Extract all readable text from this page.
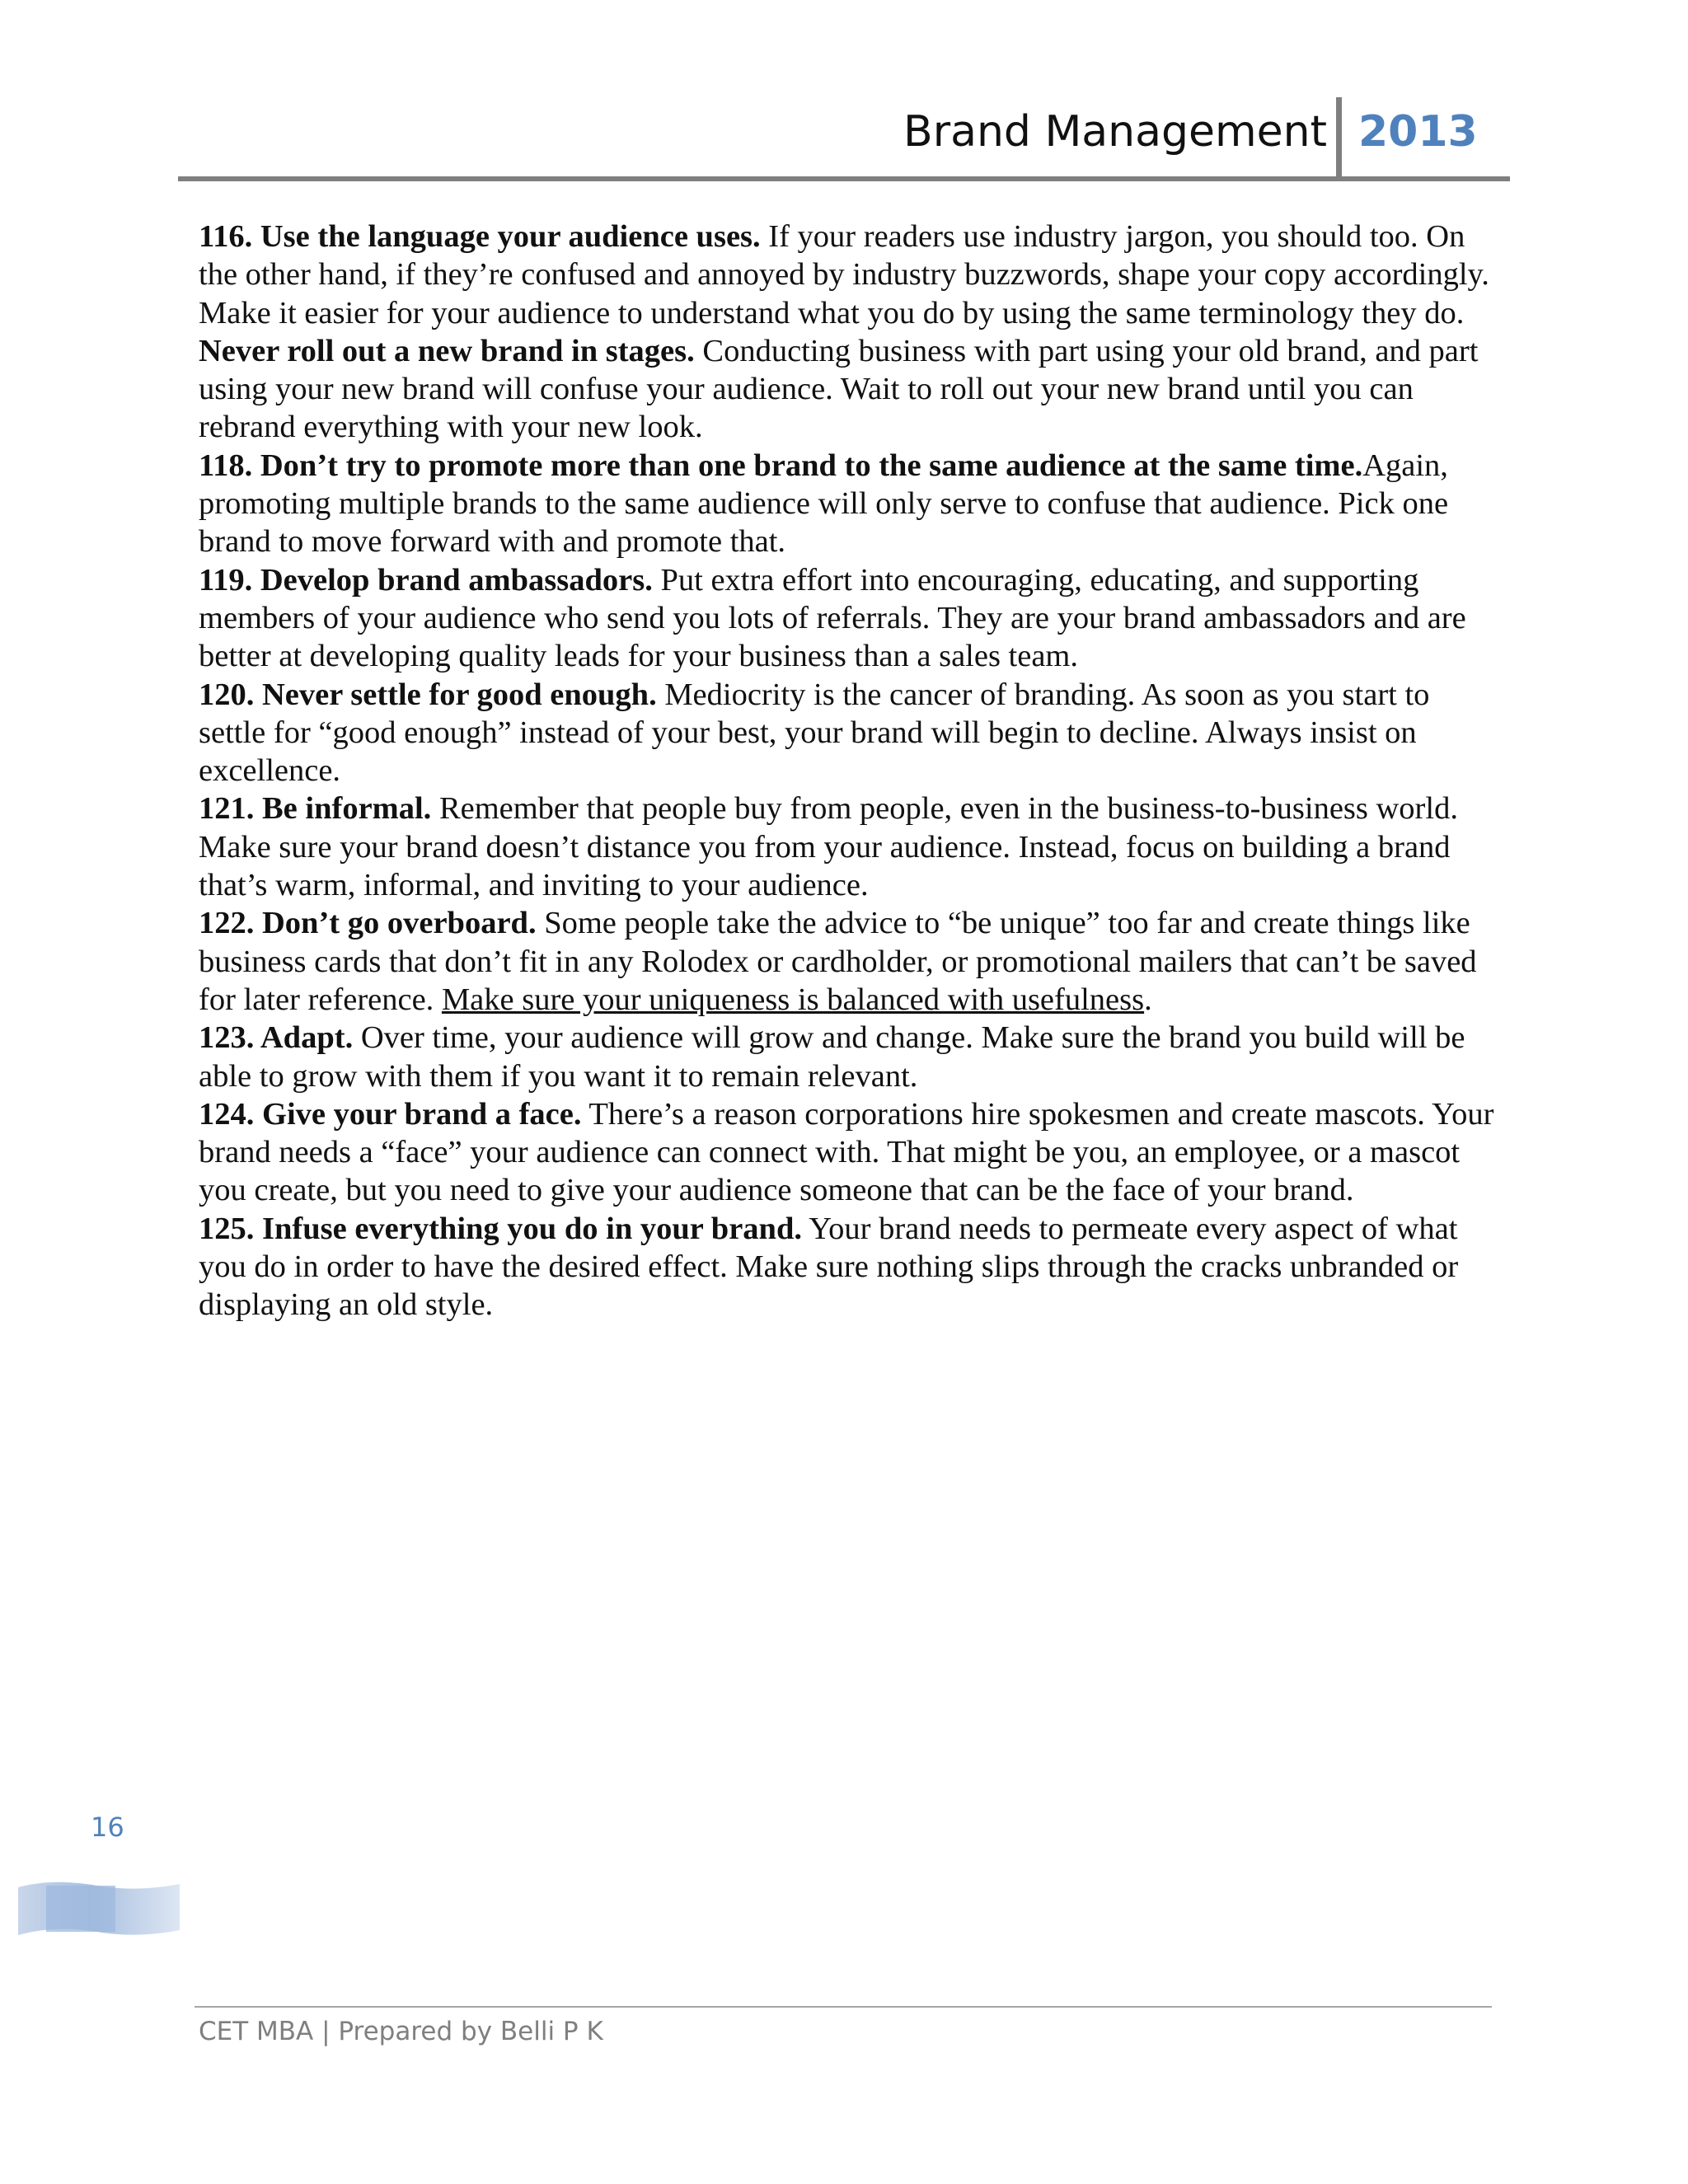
Brand Management 2013

116. Use the language your audience uses. If your readers use industry jargon, you should too. On the other hand, if they’re confused and annoyed by industry buzzwords, shape your copy accordingly. Make it easier for your audience to understand what you do by using the same terminology they do.

Never roll out a new brand in stages. Conducting business with part using your old brand, and part using your new brand will confuse your audience. Wait to roll out your new brand until you can rebrand everything with your new look.

118. Don’t try to promote more than one brand to the same audience at the same time.Again, promoting multiple brands to the same audience will only serve to confuse that audience. Pick one brand to move forward with and promote that.

119. Develop brand ambassadors. Put extra effort into encouraging, educating, and supporting members of your audience who send you lots of referrals. They are your brand ambassadors and are better at developing quality leads for your business than a sales team.

120. Never settle for good enough. Mediocrity is the cancer of branding. As soon as you start to settle for “good enough” instead of your best, your brand will begin to decline. Always insist on excellence.

121. Be informal. Remember that people buy from people, even in the business-to-business world. Make sure your brand doesn’t distance you from your audience. Instead, focus on building a brand that’s warm, informal, and inviting to your audience.

122. Don’t go overboard. Some people take the advice to “be unique” too far and create things like business cards that don’t fit in any Rolodex or cardholder, or promotional mailers that can’t be saved for later reference. Make sure your uniqueness is balanced with usefulness.

123. Adapt. Over time, your audience will grow and change. Make sure the brand you build will be able to grow with them if you want it to remain relevant.

124. Give your brand a face. There’s a reason corporations hire spokesmen and create mascots. Your brand needs a “face” your audience can connect with. That might be you, an employee, or a mascot you create, but you need to give your audience someone that can be the face of your brand.

125. Infuse everything you do in your brand. Your brand needs to permeate every aspect of what you do in order to have the desired effect. Make sure nothing slips through the cracks unbranded or displaying an old style.

16
CET MBA | Prepared by Belli P K
